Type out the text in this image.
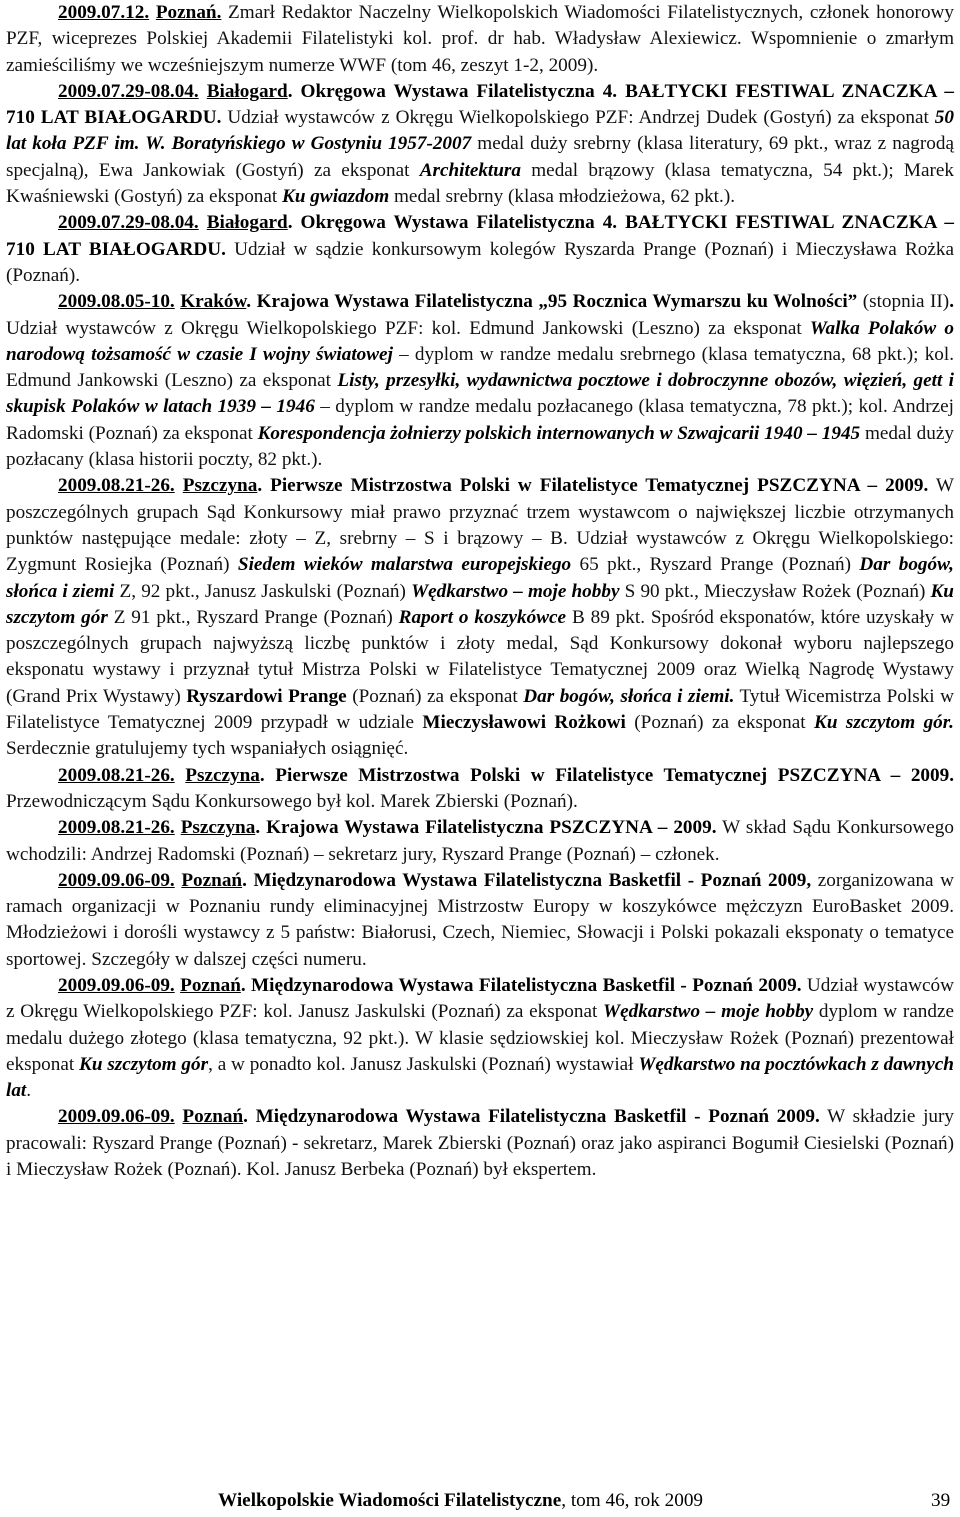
2009.07.12. Poznań. Zmarł Redaktor Naczelny Wielkopolskich Wiadomości Filatelistycznych, członek honorowy PZF, wiceprezes Polskiej Akademii Filatelistyki kol. prof. dr hab. Władysław Alexiewicz. Wspomnienie o zmarłym zamieściliśmy we wcześniejszym numerze WWF (tom 46, zeszyt 1-2, 2009).

2009.07.29-08.04. Białogard. Okręgowa Wystawa Filatelistyczna 4. BAŁTYCKI FESTIWAL ZNACZKA – 710 LAT BIAŁOGARDU. Udział wystawców z Okręgu Wielkopolskiego PZF: Andrzej Dudek (Gostyń) za eksponat 50 lat koła PZF im. W. Boratyńskiego w Gostyniu 1957-2007 medal duży srebrny (klasa literatury, 69 pkt., wraz z nagrodą specjalną), Ewa Jankowiak (Gostyń) za eksponat Architektura medal brązowy (klasa tematyczna, 54 pkt.); Marek Kwaśniewski (Gostyń) za eksponat Ku gwiazdom medal srebrny (klasa młodzieżowa, 62 pkt.).

2009.07.29-08.04. Białogard. Okręgowa Wystawa Filatelistyczna 4. BAŁTYCKI FESTIWAL ZNACZKA – 710 LAT BIAŁOGARDU. Udział w sądzie konkursowym kolegów Ryszarda Prange (Poznań) i Mieczysława Rożka (Poznań).

2009.08.05-10. Kraków. Krajowa Wystawa Filatelistyczna „95 Rocznica Wymarszu ku Wolności” (stopnia II). Udział wystawców z Okręgu Wielkopolskiego PZF: kol. Edmund Jankowski (Leszno) za eksponat Walka Polaków o narodową tożsamość w czasie I wojny światowej – dyplom w randze medalu srebrnego (klasa tematyczna, 68 pkt.); kol. Edmund Jankowski (Leszno) za eksponat Listy, przesyłki, wydawnictwa pocztowe i dobroczynne obozów, więzień, gett i skupisk Polaków w latach 1939 – 1946 – dyplom w randze medalu pozłacanego (klasa tematyczna, 78 pkt.); kol. Andrzej Radomski (Poznań) za eksponat Korespondencja żołnierzy polskich internowanych w Szwajcarii 1940 – 1945 medal duży pozłacany (klasa historii poczty, 82 pkt.).

2009.08.21-26. Pszczyna. Pierwsze Mistrzostwa Polski w Filatelistyce Tematycznej PSZCZYNA – 2009. W poszczególnych grupach Sąd Konkursowy miał prawo przyznać trzem wystawcom o największej liczbie otrzymanych punktów następujące medale: złoty – Z, srebrny – S i brązowy – B. Udział wystawców z Okręgu Wielkopolskiego: Zygmunt Rosiejka (Poznań) Siedem wieków malarstwa europejskiego 65 pkt., Ryszard Prange (Poznań) Dar bogów, słońca i ziemi Z, 92 pkt., Janusz Jaskulski (Poznań) Wędkarstwo – moje hobby S 90 pkt., Mieczysław Rożek (Poznań) Ku szczytom gór Z 91 pkt., Ryszard Prange (Poznań) Raport o koszykówce B 89 pkt. Spośród eksponatów, które uzyskały w poszczególnych grupach najwyższą liczbę punktów i złoty medal, Sąd Konkursowy dokonał wyboru najlepszego eksponatu wystawy i przyznał tytuł Mistrza Polski w Filatelistyce Tematycznej 2009 oraz Wielką Nagrodę Wystawy (Grand Prix Wystawy) Ryszardowi Prange (Poznań) za eksponat Dar bogów, słońca i ziemi. Tytuł Wicemistrza Polski w Filatelistyce Tematycznej 2009 przypadł w udziale Mieczysławowi Rożkowi (Poznań) za eksponat Ku szczytom gór. Serdecznie gratulujemy tych wspaniałych osiągnięć.

2009.08.21-26. Pszczyna. Pierwsze Mistrzostwa Polski w Filatelistyce Tematycznej PSZCZYNA – 2009. Przewodniczącym Sądu Konkursowego był kol. Marek Zbierski (Poznań).

2009.08.21-26. Pszczyna. Krajowa Wystawa Filatelistyczna PSZCZYNA – 2009. W skład Sądu Konkursowego wchodzili: Andrzej Radomski (Poznań) – sekretarz jury, Ryszard Prange (Poznań) – członek.

2009.09.06-09. Poznań. Międzynarodowa Wystawa Filatelistyczna Basketfil - Poznań 2009, zorganizowana w ramach organizacji w Poznaniu rundy eliminacyjnej Mistrzostw Europy w koszykówce mężczyzn EuroBasket 2009. Młodzieżowi i dorośli wystawcy z 5 państw: Białorusi, Czech, Niemiec, Słowacji i Polski pokazali eksponaty o tematyce sportowej. Szczegóły w dalszej części numeru.

2009.09.06-09. Poznań. Międzynarodowa Wystawa Filatelistyczna Basketfil - Poznań 2009. Udział wystawców z Okręgu Wielkopolskiego PZF: kol. Janusz Jaskulski (Poznań) za eksponat Wędkarstwo – moje hobby dyplom w randze medalu dużego złotego (klasa tematyczna, 92 pkt.). W klasie sędziowskiej kol. Mieczysław Rożek (Poznań) prezentował eksponat Ku szczytom gór, a w ponadto kol. Janusz Jaskulski (Poznań) wystawiał Wędkarstwo na pocztówkach z dawnych lat.

2009.09.06-09. Poznań. Międzynarodowa Wystawa Filatelistyczna Basketfil - Poznań 2009. W składzie jury pracowali: Ryszard Prange (Poznań) - sekretarz, Marek Zbierski (Poznań) oraz jako aspiranci Bogumił Ciesielski (Poznań) i Mieczysław Rożek (Poznań). Kol. Janusz Berbeka (Poznań) był ekspertem.

Wielkopolskie Wiadomości Filatelistyczne, tom 46, rok 2009	39
